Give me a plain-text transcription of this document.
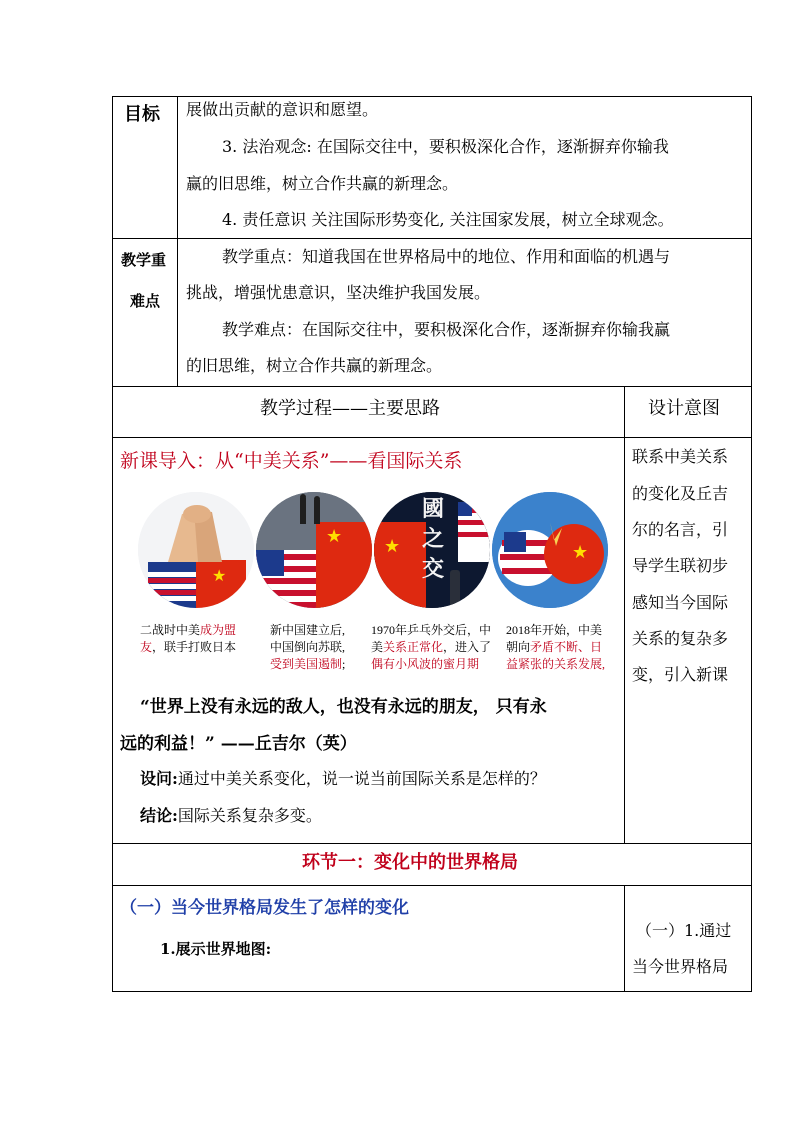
目标 展做出贡献的意识和愿望。
3. 法治观念: 在国际交往中，要积极深化合作，逐渐摒弃你输我
赢的旧思维，树立合作共赢的新理念。
4. 责任意识 关注国际形势变化, 关注国家发展，树立全球观念。
教学重
难点
教学重点：知道我国在世界格局中的地位、作用和面临的机遇与
挑战，增强忧患意识，坚决维护我国发展。
教学难点：在国际交往中，要积极深化合作，逐渐摒弃你输我赢
的旧思维，树立合作共赢的新理念。
教学过程——主要思路	设计意图
新课导入：从“中美关系”——看国际关系
★
★ ★
國之交
★
二战时中美成为盟
友，联手打败日本
新中国建立后,
中国倒向苏联,
受到美国遏制;
1970年乒乓外交后，中
美关系正常化，进入了
偶有小风波的蜜月期
2018年开始，中美
朝向矛盾不断、日
益紧张的关系发展,
“世界上没有永远的敌人，也没有永远的朋友， 只有永
远的利益！” ——丘吉尔（英）
设问:通过中美关系变化，说一说当前国际关系是怎样的？
结论:国际关系复杂多变。
联系中美关系
的变化及丘吉
尔的名言，引
导学生联初步
感知当今国际
关系的复杂多
变，引入新课
环节一：变化中的世界格局
（一）当今世界格局发生了怎样的变化
1.展示世界地图:
（一）1.通过
当今世界格局
